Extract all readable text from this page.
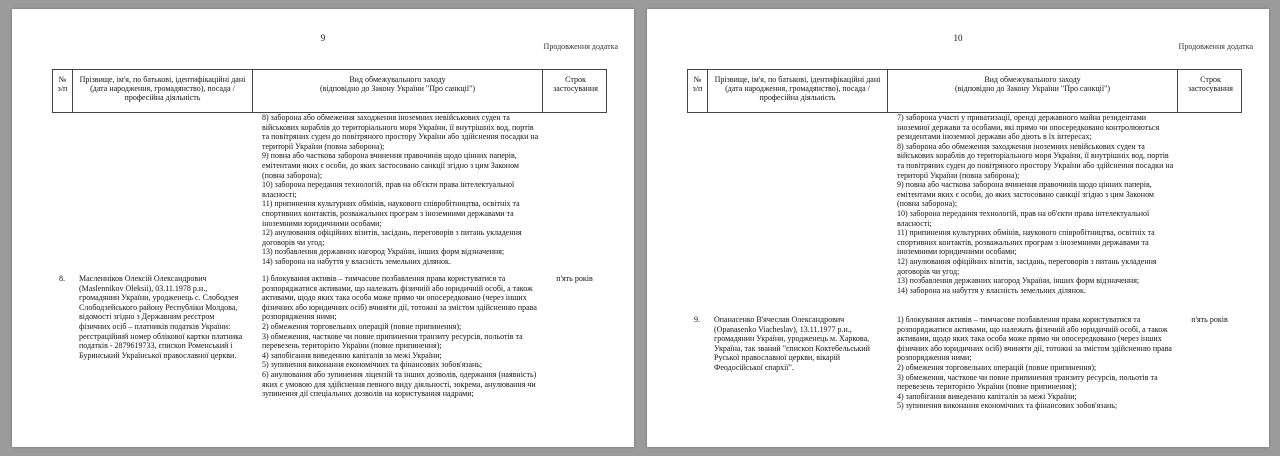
9
Продовження додатка
№
з/п
Прізвище, ім'я, по батькові, ідентифікаційні дані (дата народження, громадянство), посада / професійна діяльність
Вид обмежувального заходу
(відповідно до Закону України "Про санкції")
Строк
застосування
8) заборона або обмеження заходження іноземних невійськових суден та військових кораблів до територіального моря України, її внутрішніх вод, портів та повітряних суден до повітряного простору України або здійснення посадки на території України (повна заборона);
9) повна або часткова заборона вчинення правочинів щодо цінних паперів, емітентами яких є особи, до яких застосовано санкції згідно з цим Законом (повна заборона);
10) заборона передання технологій, прав на об'єкти права інтелектуальної власності;
11) припинення культурних обмінів, наукового співробітництва, освітніх та спортивних контактів, розважальних програм з іноземними державами та іноземними юридичними особами;
12) анулювання офіційних візитів, засідань, переговорів з питань укладення договорів чи угод;
13) позбавлення державних нагород України, інших форм відзначення;
14) заборона на набуття у власність земельних ділянок.
8.	Масленніков Олексій Олександрович (Maslennikov Oleksii), 03.11.1978 р.н., громадянин України, уродженець с. Слободзея Слободзейського району Республіки Молдова, відомості згідно з Державним реєстром фізичних осіб – платників податків України: реєстраційний номер облікової картки платника податків - 2879619733, єпископ Роменський і Буринський Української православної церкви.
1) блокування активів – тимчасове позбавлення права користуватися та розпоряджатися активами, що належать фізичній або юридичній особі, а також активами, щодо яких така особа може прямо чи опосередковано (через інших фізичних або юридичних осіб) вчиняти дії, тотожні за змістом здійсненню права розпорядження ними;
2) обмеження торговельних операцій (повне припинення);
3) обмеження, часткове чи повне припинення транзиту ресурсів, польотів та перевезень територією України (повне припинення);
4) запобігання виведенню капіталів за межі України;
5) зупинення виконання економічних та фінансових зобов'язань;
6) анулювання або зупинення ліцензій та інших дозволів, одержання (наявність) яких є умовою для здійснення певного виду діяльності, зокрема, анулювання чи зупинення дії спеціальних дозволів на користування надрами;
п'ять років
10
Продовження додатка
№
з/п
Прізвище, ім'я, по батькові, ідентифікаційні дані (дата народження, громадянство), посада / професійна діяльність
Вид обмежувального заходу
(відповідно до Закону України "Про санкції")
Строк
застосування
7) заборона участі у приватизації, оренді державного майна резидентами іноземної держави та особами, які прямо чи опосередковано контролюються резидентами іноземної держави або діють в їх інтересах;
8) заборона або обмеження заходження іноземних невійськових суден та військових кораблів до територіального моря України, її внутрішніх вод, портів та повітряних суден до повітряного простору України або здійснення посадки на території України (повна заборона);
9) повна або часткова заборона вчинення правочинів щодо цінних паперів, емітентами яких є особи, до яких застосовано санкції згідно з цим Законом (повна заборона);
10) заборона передання технологій, прав на об'єкти права інтелектуальної власності;
11) припинення культурних обмінів, наукового співробітництва, освітніх та спортивних контактів, розважальних програм з іноземними державами та іноземними юридичними особами;
12) анулювання офіційних візитів, засідань, переговорів з питань укладення договорів чи угод;
13) позбавлення державних нагород України, інших форм відзначення;
14) заборона на набуття у власність земельних ділянок.
9.	Опанасенко В'ячеслав Олександрович (Opanasenko Viacheslav), 13.11.1977 р.н., громадянин України, уродженець м. Харкова, Україна, так званий "єпископ Коктебельський Руської православної церкви, вікарій Феодосійської єпархії".
1) блокування активів – тимчасове позбавлення права користуватися та розпоряджатися активами, що належать фізичній або юридичній особі, а також активами, щодо яких така особа може прямо чи опосередковано (через інших фізичних або юридичних осіб) вчиняти дії, тотожні за змістом здійсненню права розпорядження ними;
2) обмеження торговельних операцій (повне припинення);
3) обмеження, часткове чи повне припинення транзиту ресурсів, польотів та перевезень територією України (повне припинення);
4) запобігання виведенню капіталів за межі України;
5) зупинення виконання економічних та фінансових зобов'язань;
п'ять років
